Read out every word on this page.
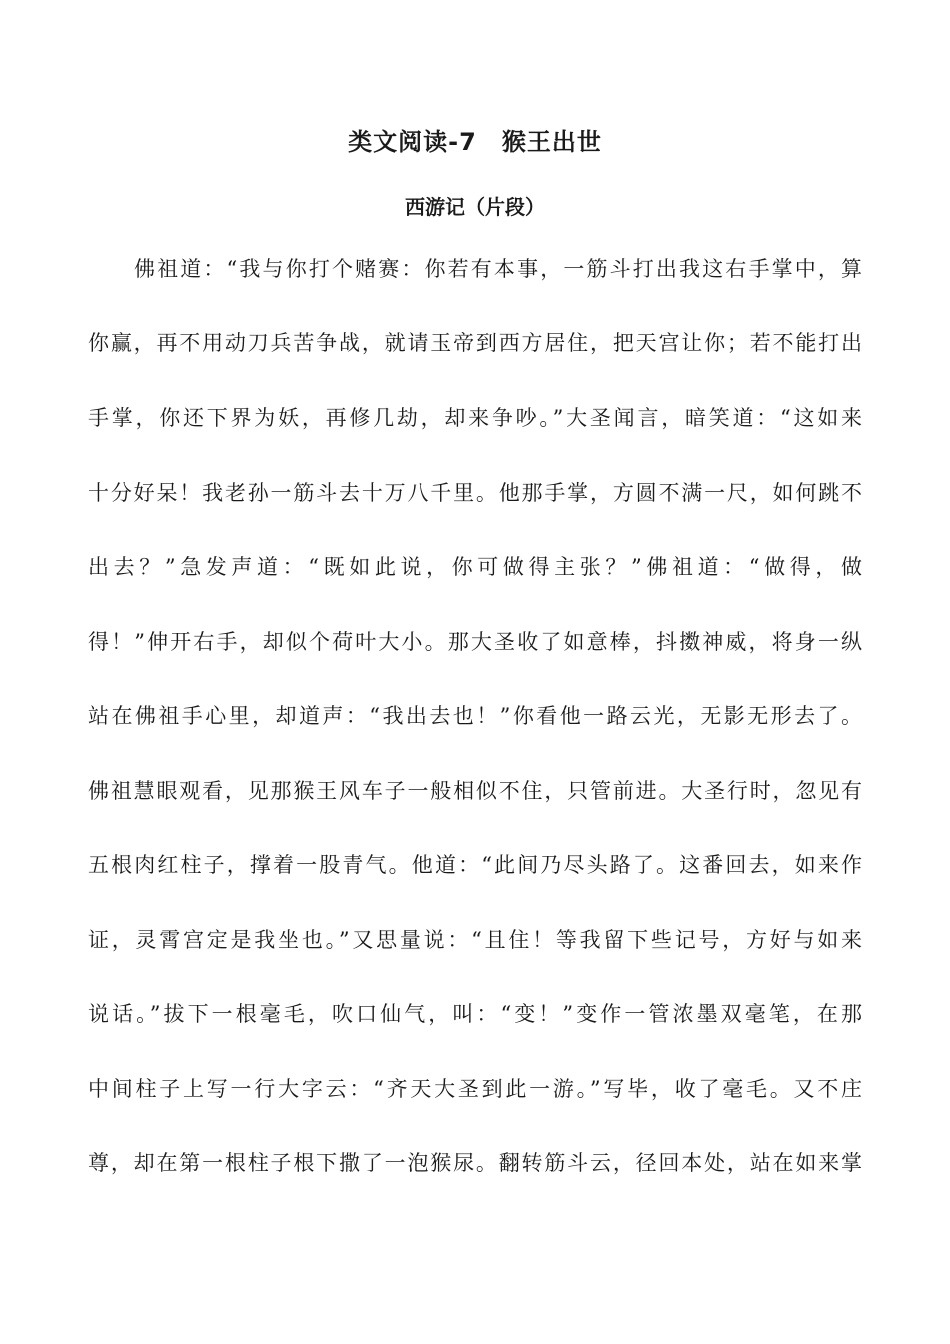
类文阅读-7　猴王出世
西游记（片段）

佛祖道：“我与你打个赌赛：你若有本事，一筋斗打出我这右手掌中，算

你赢，再不用动刀兵苦争战，就请玉帝到西方居住，把天宫让你；若不能打出

手掌，你还下界为妖，再修几劫，却来争吵。”大圣闻言，暗笑道：“这如来

十分好呆！我老孙一筋斗去十万八千里。他那手掌，方圆不满一尺，如何跳不

出去？”急发声道：“既如此说，你可做得主张？”佛祖道：“做得，做

得！”伸开右手，却似个荷叶大小。那大圣收了如意棒，抖擞神威，将身一纵

站在佛祖手心里，却道声：“我出去也！”你看他一路云光，无影无形去了。

佛祖慧眼观看，见那猴王风车子一般相似不住，只管前进。大圣行时，忽见有

五根肉红柱子，撑着一股青气。他道：“此间乃尽头路了。这番回去，如来作

证，灵霄宫定是我坐也。”又思量说：“且住！等我留下些记号，方好与如来

说话。”拔下一根毫毛，吹口仙气，叫：“变！”变作一管浓墨双毫笔，在那

中间柱子上写一行大字云：“齐天大圣到此一游。”写毕，收了毫毛。又不庄

尊，却在第一根柱子根下撒了一泡猴尿。翻转筋斗云，径回本处，站在如来掌
